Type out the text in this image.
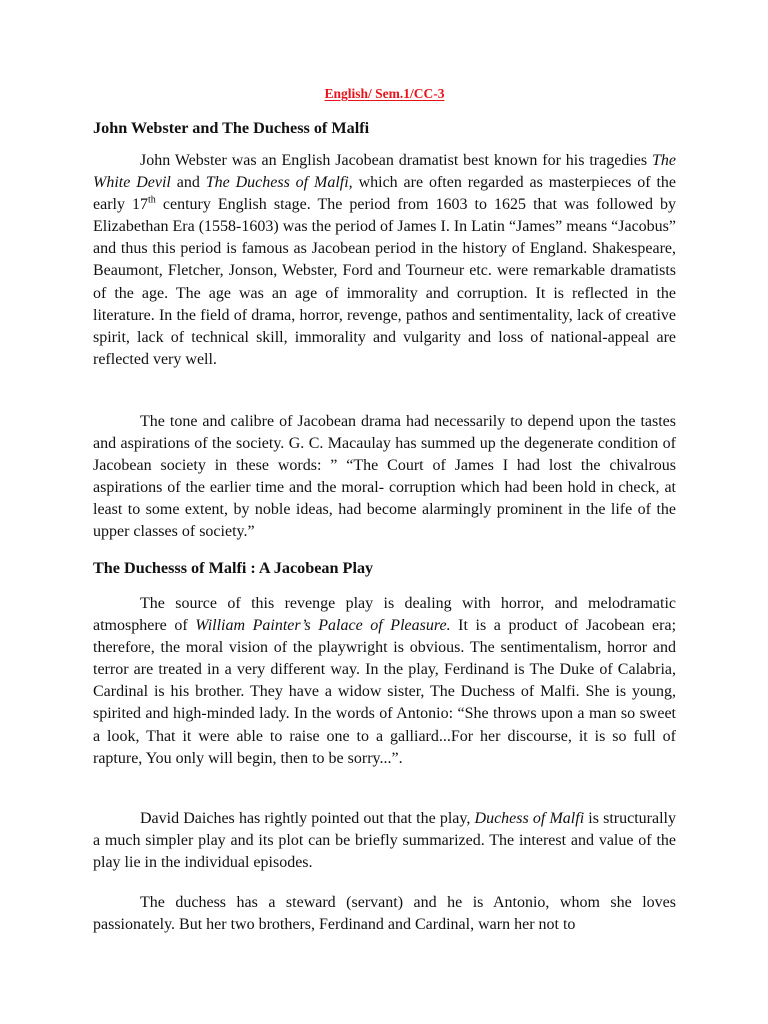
English/ Sem.1/CC-3
John Webster and The Duchess of Malfi

John Webster was an English Jacobean dramatist best known for his tragedies The White Devil and The Duchess of Malfi, which are often regarded as masterpieces of the early 17th century English stage. The period from 1603 to 1625 that was followed by Elizabethan Era (1558-1603) was the period of James I. In Latin “James” means “Jacobus” and thus this period is famous as Jacobean period in the history of England. Shakespeare, Beaumont, Fletcher, Jonson, Webster, Ford and Tourneur etc. were remarkable dramatists of the age. The age was an age of immorality and corruption. It is reflected in the literature. In the field of drama, horror, revenge, pathos and sentimentality, lack of creative spirit, lack of technical skill, immorality and vulgarity and loss of national-appeal are reflected very well.

The tone and calibre of Jacobean drama had necessarily to depend upon the tastes and aspirations of the society. G. C. Macaulay has summed up the degenerate condition of Jacobean society in these words: ” “The Court of James I had lost the chivalrous aspirations of the earlier time and the moral- corruption which had been hold in check, at least to some extent, by noble ideas, had become alarmingly prominent in the life of the upper classes of society.”

The Duchesss of Malfi : A Jacobean Play

The source of this revenge play is dealing with horror, and melodramatic atmosphere of William Painter’s Palace of Pleasure. It is a product of Jacobean era; therefore, the moral vision of the playwright is obvious. The sentimentalism, horror and terror are treated in a very different way. In the play, Ferdinand is The Duke of Calabria, Cardinal is his brother. They have a widow sister, The Duchess of Malfi. She is young, spirited and high-minded lady. In the words of Antonio: “She throws upon a man so sweet a look, That it were able to raise one to a galliard...For her discourse, it is so full of rapture, You only will begin, then to be sorry...”.

David Daiches has rightly pointed out that the play, Duchess of Malfi is structurally a much simpler play and its plot can be briefly summarized. The interest and value of the play lie in the individual episodes.

The duchess has a steward (servant) and he is Antonio, whom she loves passionately. But her two brothers, Ferdinand and Cardinal, warn her not to
